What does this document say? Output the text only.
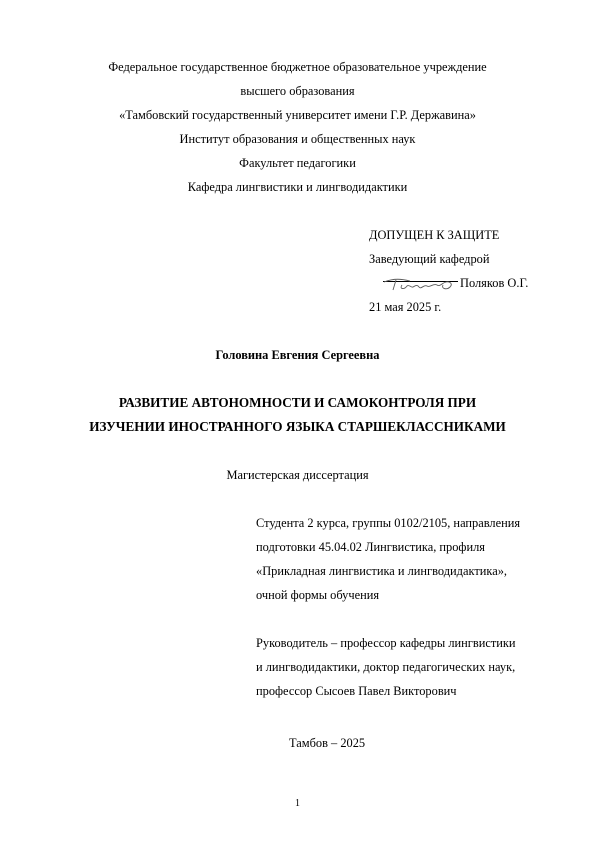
Федеральное государственное бюджетное образовательное учреждение
высшего образования
«Тамбовский государственный университет имени Г.Р. Державина»
Институт образования и общественных наук
Факультет педагогики
Кафедра лингвистики и лингводидактики
ДОПУЩЕН К ЗАЩИТЕ
Заведующий кафедрой
Поляков О.Г.
21 мая 2025 г.
Головина Евгения Сергеевна
РАЗВИТИЕ АВТОНОМНОСТИ И САМОКОНТРОЛЯ ПРИ
ИЗУЧЕНИИ ИНОСТРАННОГО ЯЗЫКА СТАРШЕКЛАССНИКАМИ
Магистерская диссертация
Студента 2 курса, группы 0102/2105, направления
подготовки 45.04.02 Лингвистика, профиля
«Прикладная лингвистика и лингводидактика»,
очной формы обучения
Руководитель – профессор кафедры лингвистики
и лингводидактики, доктор педагогических наук,
профессор Сысоев Павел Викторович
Тамбов – 2025
1
